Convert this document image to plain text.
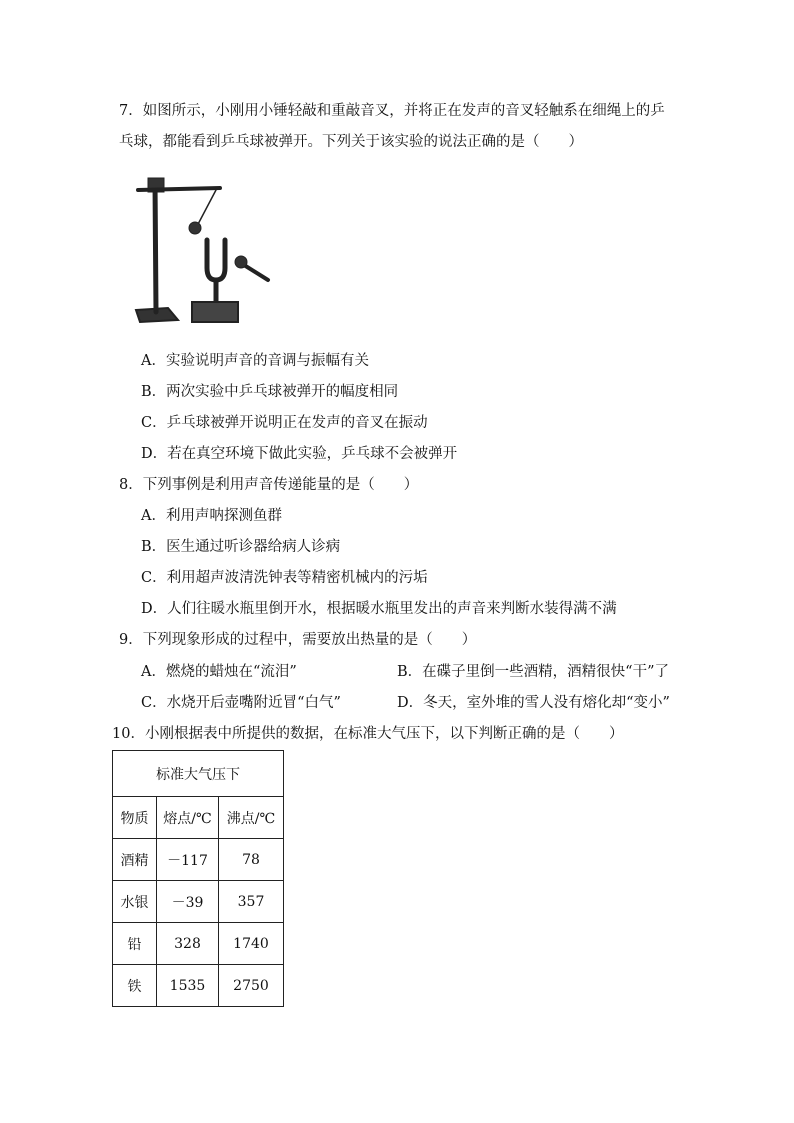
7．如图所示，小刚用小锤轻敲和重敲音叉，并将正在发声的音叉轻触系在细绳上的乒
乓球，都能看到乒乓球被弹开。下列关于该实验的说法正确的是（　　）
A．实验说明声音的音调与振幅有关
B．两次实验中乒乓球被弹开的幅度相同
C．乒乓球被弹开说明正在发声的音叉在振动
D．若在真空环境下做此实验，乒乓球不会被弹开
8．下列事例是利用声音传递能量的是（　　）
A．利用声呐探测鱼群
B．医生通过听诊器给病人诊病
C．利用超声波清洗钟表等精密机械内的污垢
D．人们往暖水瓶里倒开水，根据暖水瓶里发出的声音来判断水装得满不满
9．下列现象形成的过程中，需要放出热量的是（　　）
A．燃烧的蜡烛在“流泪”	B．在碟子里倒一些酒精，酒精很快“干”了
C．水烧开后壶嘴附近冒“白气”	D．冬天，室外堆的雪人没有熔化却“变小”
10．小刚根据表中所提供的数据，在标准大气压下，以下判断正确的是（　　）
标准大气压下		
物质	熔点/℃	沸点/℃
酒精	－117	78
水银	－39	357
铅	328	1740
铁	1535	2750
